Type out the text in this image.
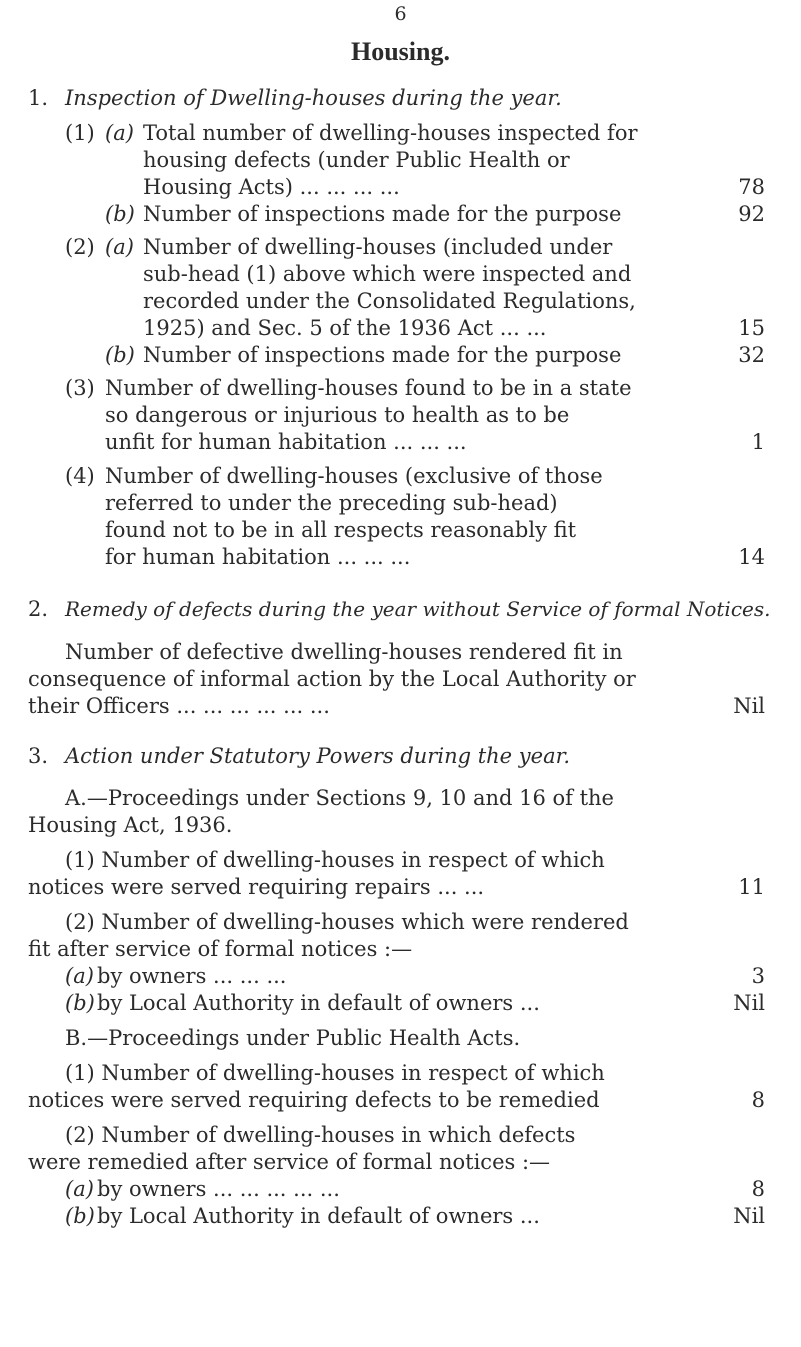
6
Housing.
1. Inspection of Dwelling-houses during the year.
(1) (a) Total number of dwelling-houses inspected for
housing defects (under Public Health or
Housing Acts) ... ... ... ...	78
(b) Number of inspections made for the purpose	92
(2) (a) Number of dwelling-houses (included under
sub-head (1) above which were inspected and
recorded under the Consolidated Regulations,
1925) and Sec. 5 of the 1936 Act ... ...	15
(b) Number of inspections made for the purpose	32
(3) Number of dwelling-houses found to be in a state
so dangerous or injurious to health as to be
unfit for human habitation ... ... ...	1
(4) Number of dwelling-houses (exclusive of those
referred to under the preceding sub-head)
found not to be in all respects reasonably fit
for human habitation ... ... ...	14
2. Remedy of defects during the year without Service of formal Notices.
Number of defective dwelling-houses rendered fit in
consequence of informal action by the Local Authority or
their Officers ... ... ... ... ... ...	Nil
3. Action under Statutory Powers during the year.
A.—Proceedings under Sections 9, 10 and 16 of the
Housing Act, 1936.
(1) Number of dwelling-houses in respect of which
notices were served requiring repairs ... ...	11
(2) Number of dwelling-houses which were rendered
fit after service of formal notices :—
(a) by owners ... ... ...	3
(b) by Local Authority in default of owners ...	Nil
B.—Proceedings under Public Health Acts.
(1) Number of dwelling-houses in respect of which
notices were served requiring defects to be remedied	8
(2) Number of dwelling-houses in which defects
were remedied after service of formal notices :—
(a) by owners ... ... ... ... ...	8
(b) by Local Authority in default of owners ...	Nil
